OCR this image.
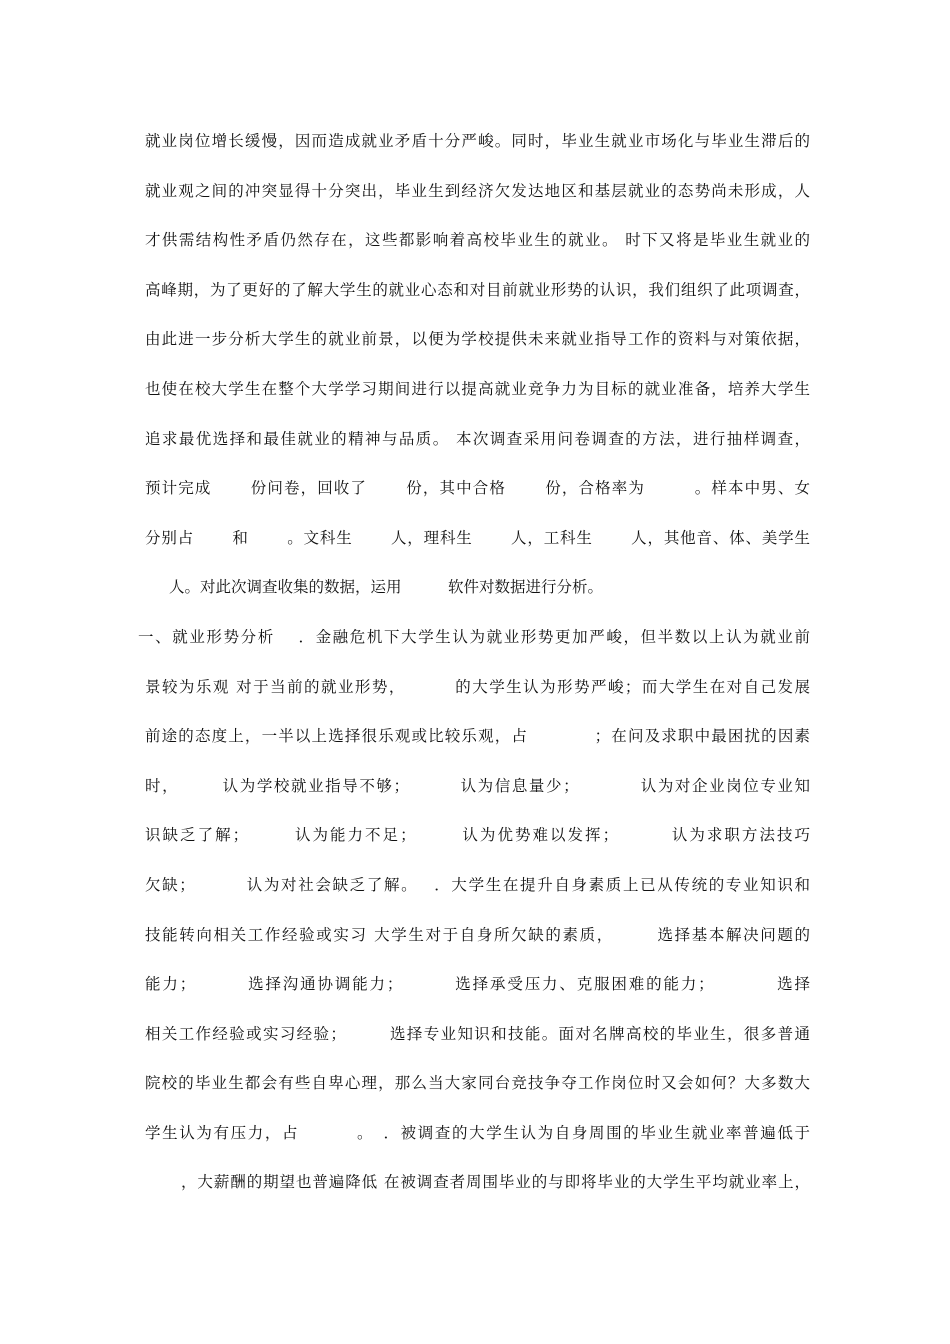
就业岗位增长缓慢，因而造成就业矛盾十分严峻。同时，毕业生就业市场化与毕业生滞后的
就业观之间的冲突显得十分突出，毕业生到经济欠发达地区和基层就业的态势尚未形成，人
才供需结构性矛盾仍然存在，这些都影响着高校毕业生的就业。 时下又将是毕业生就业的
高峰期，为了更好的了解大学生的就业心态和对目前就业形势的认识，我们组织了此项调查，
由此进一步分析大学生的就业前景，以便为学校提供未来就业指导工作的资料与对策依据，
也使在校大学生在整个大学学习期间进行以提高就业竞争力为目标的就业准备，培养大学生
追求最优选择和最佳就业的精神与品质。 本次调查采用问卷调查的方法，进行抽样调查，
预计完成　　 份问卷，回收了　　 份，其中合格　　 份，合格率为　　　。样本中男、女
分别占　　 和　　 。文科生　　 人，理科生　　 人，工科生　　 人，其他音、体、美学生
人。对此次调查收集的数据，运用　　　软件对数据进行分析。
一、就业形势分析　 ．金融危机下大学生认为就业形势更加严峻，但半数以上认为就业前
景较为乐观 对于当前的就业形势，　　　 的大学生认为形势严峻；而大学生在对自己发展
前途的态度上，一半以上选择很乐观或比较乐观，占　　　　；在问及求职中最困扰的因素
时，　　　认为学校就业指导不够；　　　 认为信息量少；　　　　认为对企业岗位专业知
识缺乏了解；　　　认为能力不足；　　　认为优势难以发挥；　　　 认为求职方法技巧
欠缺；　　　 认为对社会缺乏了解。　 ．大学生在提升自身素质上已从传统的专业知识和
技能转向相关工作经验或实习 大学生对于自身所欠缺的素质，　　　选择基本解决问题的
能力；　　　 选择沟通协调能力；　　　 选择承受压力、克服困难的能力；　　　　选择
相关工作经验或实习经验；　　　选择专业知识和技能。面对名牌高校的毕业生，很多普通
院校的毕业生都会有些自卑心理，那么当大家同台竞技争夺工作岗位时又会如何？大多数大
学生认为有压力，占　　　 。　．被调查的大学生认为自身周围的毕业生就业率普遍低于
，大薪酬的期望也普遍降低 在被调查者周围毕业的与即将毕业的大学生平均就业率上，
